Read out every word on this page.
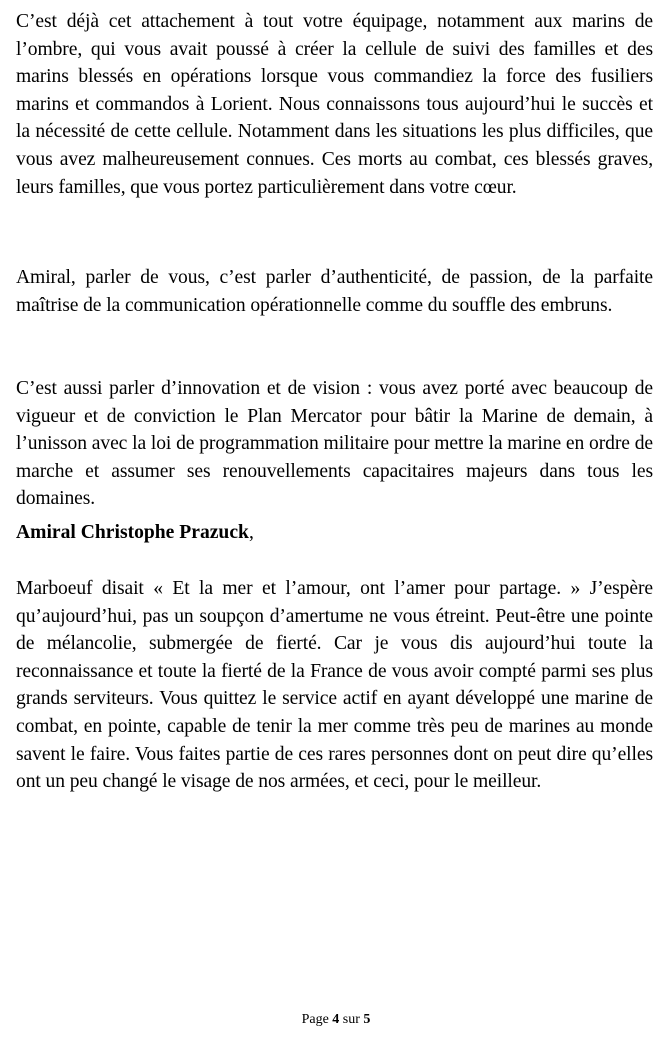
C’est déjà cet attachement à tout votre équipage, notamment aux marins de l’ombre, qui vous avait poussé à créer la cellule de suivi des familles et des marins blessés en opérations lorsque vous commandiez la force des fusiliers marins et commandos à Lorient. Nous connaissons tous aujourd’hui le succès et la nécessité de cette cellule. Notamment dans les situations les plus difficiles, que vous avez malheureusement connues. Ces morts au combat, ces blessés graves, leurs familles, que vous portez particulièrement dans votre cœur.

Amiral, parler de vous, c’est parler d’authenticité, de passion, de la parfaite maîtrise de la communication opérationnelle comme du souffle des embruns.

C’est aussi parler d’innovation et de vision : vous avez porté avec beaucoup de vigueur et de conviction le Plan Mercator pour bâtir la Marine de demain, à l’unisson avec la loi de programmation militaire pour mettre la marine en ordre de marche et assumer ses renouvellements capacitaires majeurs dans tous les domaines.

Amiral Christophe Prazuck,

Marboeuf disait « Et la mer et l’amour, ont l’amer pour partage. » J’espère qu’aujourd’hui, pas un soupçon d’amertume ne vous étreint. Peut-être une pointe de mélancolie, submergée de fierté. Car je vous dis aujourd’hui toute la reconnaissance et toute la fierté de la France de vous avoir compté parmi ses plus grands serviteurs. Vous quittez le service actif en ayant développé une marine de combat, en pointe, capable de tenir la mer comme très peu de marines au monde savent le faire. Vous faites partie de ces rares personnes dont on peut dire qu’elles ont un peu changé le visage de nos armées, et ceci, pour le meilleur.

Page 4 sur 5
